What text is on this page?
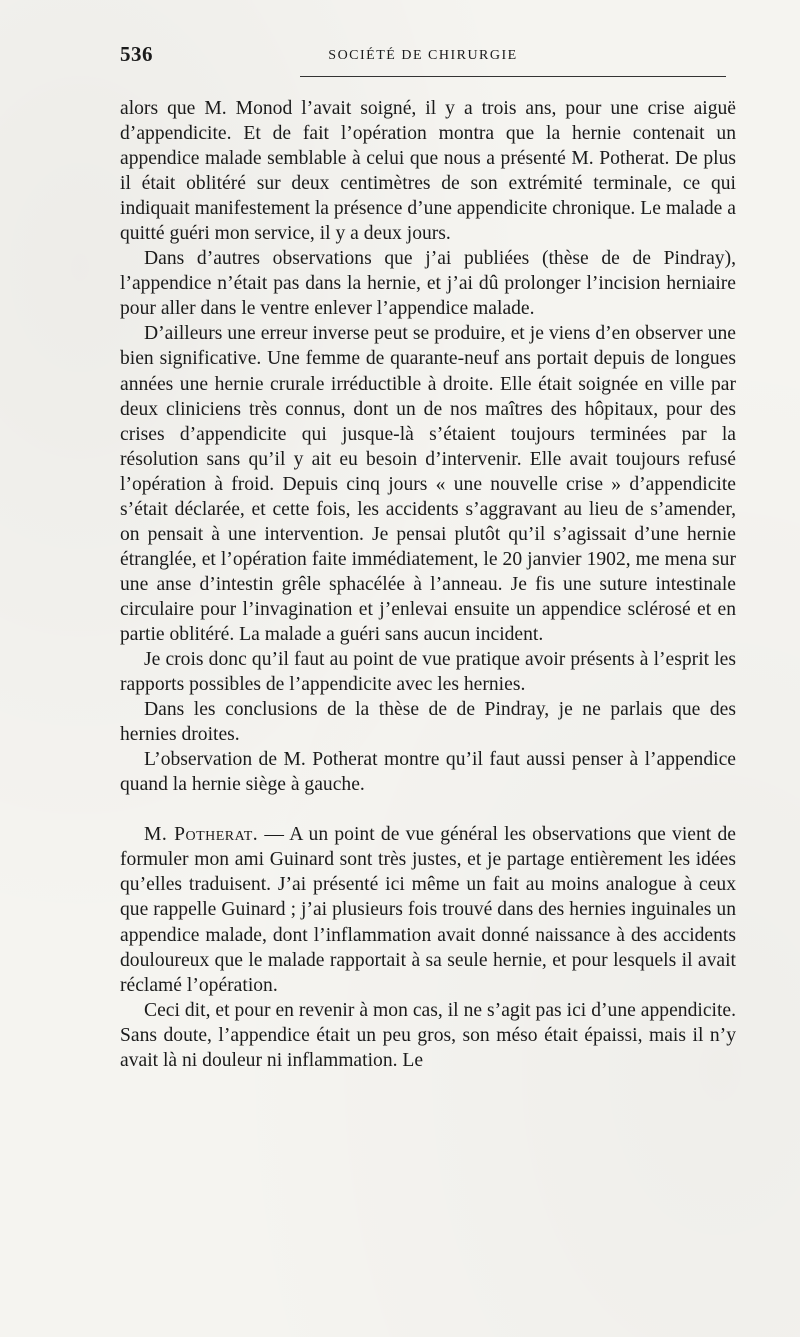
536	SOCIÉTÉ DE CHIRURGIE

alors que M. Monod l’avait soigné, il y a trois ans, pour une crise aiguë d’appendicite. Et de fait l’opération montra que la hernie contenait un appendice malade semblable à celui que nous a présenté M. Potherat. De plus il était oblitéré sur deux centimètres de son extrémité terminale, ce qui indiquait manifestement la présence d’une appendicite chronique. Le malade a quitté guéri mon service, il y a deux jours.

Dans d’autres observations que j’ai publiées (thèse de de Pindray), l’appendice n’était pas dans la hernie, et j’ai dû prolonger l’incision herniaire pour aller dans le ventre enlever l’appendice malade.

D’ailleurs une erreur inverse peut se produire, et je viens d’en observer une bien significative. Une femme de quarante-neuf ans portait depuis de longues années une hernie crurale irréductible à droite. Elle était soignée en ville par deux cliniciens très connus, dont un de nos maîtres des hôpitaux, pour des crises d’appendicite qui jusque-là s’étaient toujours terminées par la résolution sans qu’il y ait eu besoin d’intervenir. Elle avait toujours refusé l’opération à froid. Depuis cinq jours « une nouvelle crise » d’appendicite s’était déclarée, et cette fois, les accidents s’aggravant au lieu de s’amender, on pensait à une intervention. Je pensai plutôt qu’il s’agissait d’une hernie étranglée, et l’opération faite immédiatement, le 20 janvier 1902, me mena sur une anse d’intestin grêle sphacélée à l’anneau. Je fis une suture intestinale circulaire pour l’invagination et j’enlevai ensuite un appendice sclérosé et en partie oblitéré. La malade a guéri sans aucun incident.

Je crois donc qu’il faut au point de vue pratique avoir présents à l’esprit les rapports possibles de l’appendicite avec les hernies.

Dans les conclusions de la thèse de de Pindray, je ne parlais que des hernies droites.

L’observation de M. Potherat montre qu’il faut aussi penser à l’appendice quand la hernie siège à gauche.

M. Potherat. — A un point de vue général les observations que vient de formuler mon ami Guinard sont très justes, et je partage entièrement les idées qu’elles traduisent. J’ai présenté ici même un fait au moins analogue à ceux que rappelle Guinard ; j’ai plusieurs fois trouvé dans des hernies inguinales un appendice malade, dont l’inflammation avait donné naissance à des accidents douloureux que le malade rapportait à sa seule hernie, et pour lesquels il avait réclamé l’opération.

Ceci dit, et pour en revenir à mon cas, il ne s’agit pas ici d’une appendicite. Sans doute, l’appendice était un peu gros, son méso était épaissi, mais il n’y avait là ni douleur ni inflammation. Le
